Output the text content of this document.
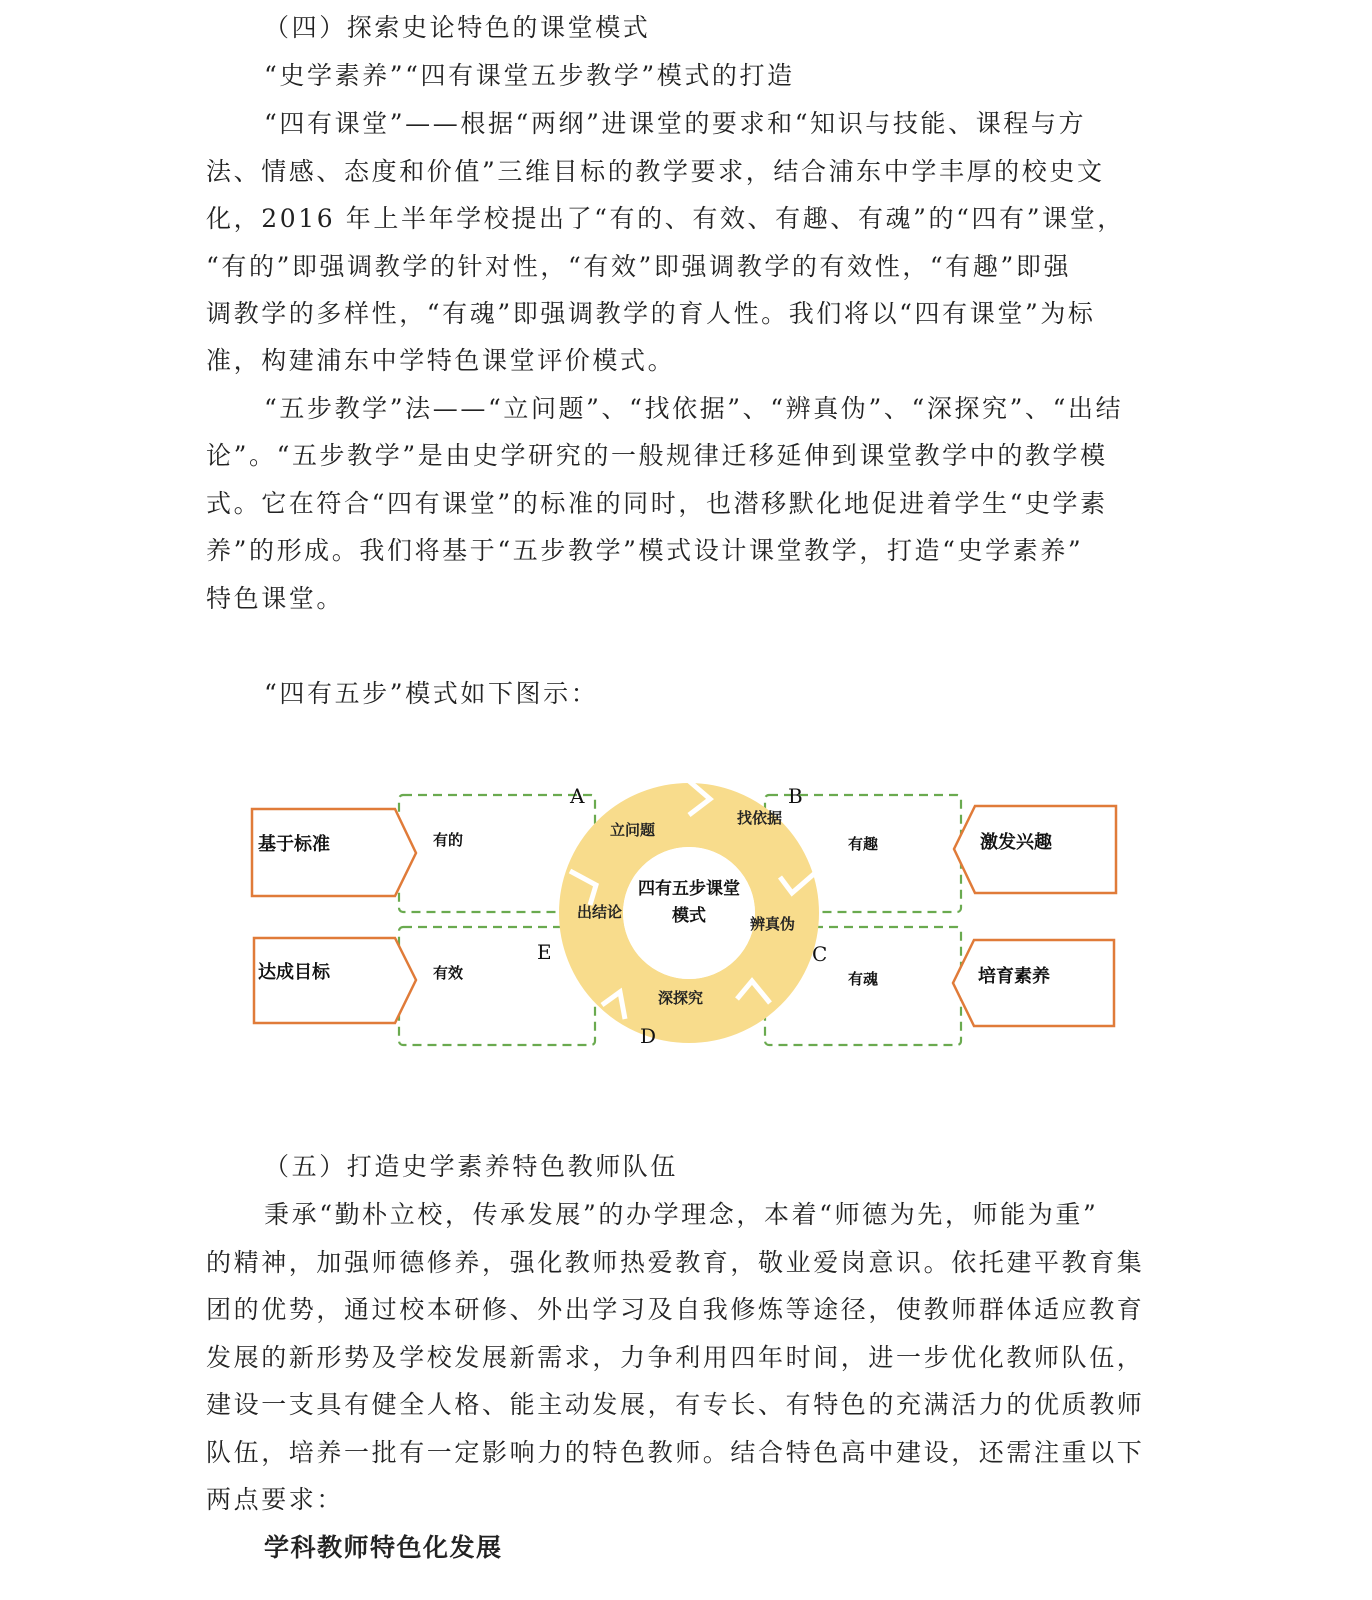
（四）探索史论特色的课堂模式
“史学素养”“四有课堂五步教学”模式的打造
“四有课堂”——根据“两纲”进课堂的要求和“知识与技能、课程与方
法、情感、态度和价值”三维目标的教学要求，结合浦东中学丰厚的校史文
化，2016 年上半年学校提出了“有的、有效、有趣、有魂”的“四有”课堂，
“有的”即强调教学的针对性，“有效”即强调教学的有效性，“有趣”即强
调教学的多样性，“有魂”即强调教学的育人性。我们将以“四有课堂”为标
准，构建浦东中学特色课堂评价模式。
“五步教学”法——“立问题”、“找依据”、“辨真伪”、“深探究”、“出结
论”。“五步教学”是由史学研究的一般规律迁移延伸到课堂教学中的教学模
式。它在符合“四有课堂”的标准的同时，也潜移默化地促进着学生“史学素
养”的形成。我们将基于“五步教学”模式设计课堂教学，打造“史学素养”
特色课堂。
“四有五步”模式如下图示：
基于标准	激发兴趣
达成目标	培育素养
有的	有趣
有效	有魂
A	B
C
D
E
立问题
找依据
辨真伪
深探究
出结论
四有五步课堂
模式
（五）打造史学素养特色教师队伍
秉承“勤朴立校，传承发展”的办学理念，本着“师德为先，师能为重”
的精神，加强师德修养，强化教师热爱教育，敬业爱岗意识。依托建平教育集
团的优势，通过校本研修、外出学习及自我修炼等途径，使教师群体适应教育
发展的新形势及学校发展新需求，力争利用四年时间，进一步优化教师队伍，
建设一支具有健全人格、能主动发展，有专长、有特色的充满活力的优质教师
队伍，培养一批有一定影响力的特色教师。结合特色高中建设，还需注重以下
两点要求：
学科教师特色化发展
